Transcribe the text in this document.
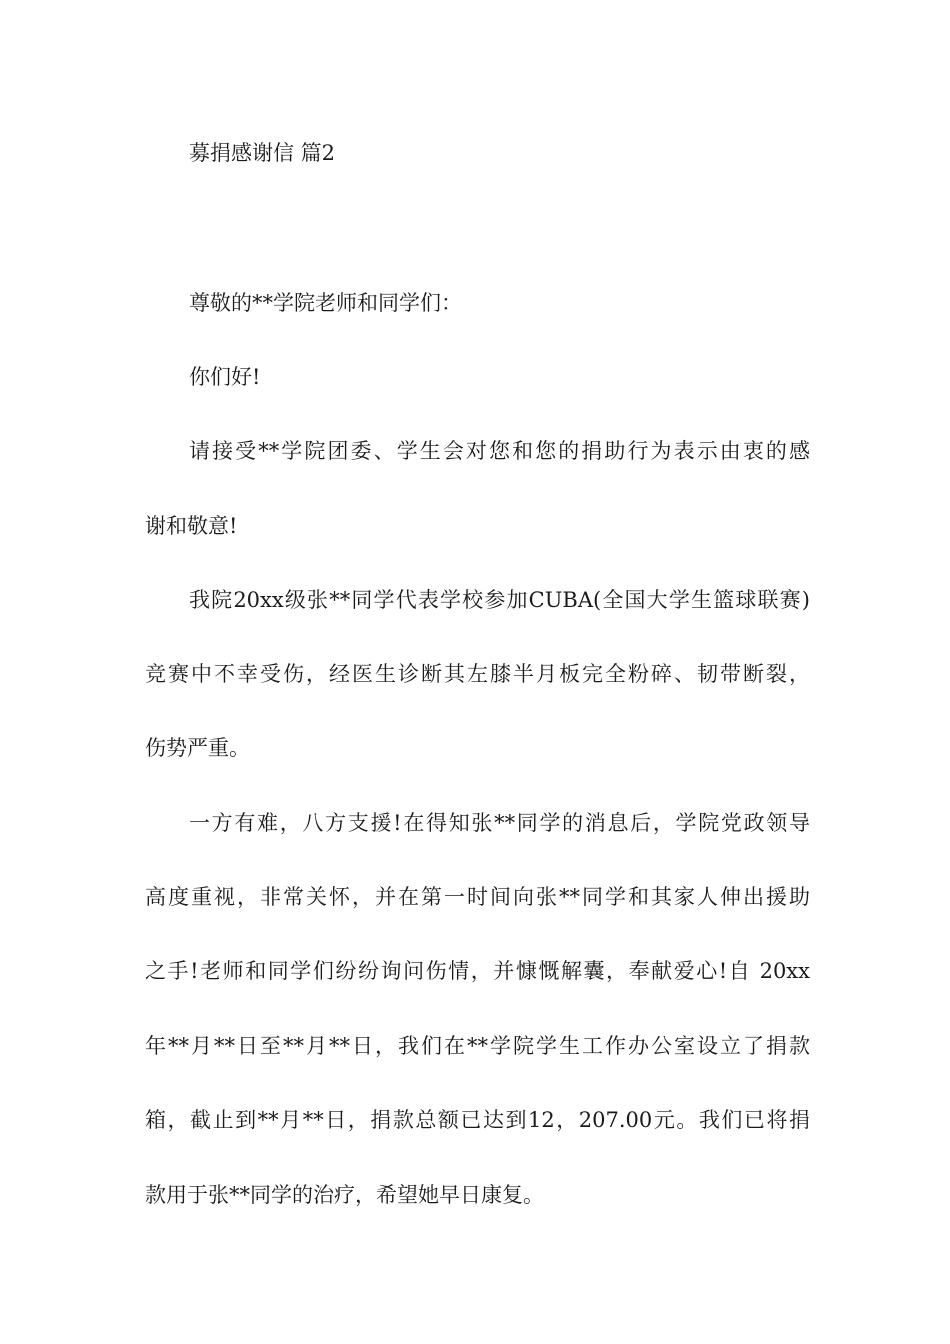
募捐感谢信 篇2
尊敬的**学院老师和同学们：
你们好!
请接受**学院团委、学生会对您和您的捐助行为表示由衷的感
谢和敬意!
我院20xx级张**同学代表学校参加CUBA(全国大学生篮球联赛)
竞赛中不幸受伤，经医生诊断其左膝半月板完全粉碎、韧带断裂，
伤势严重。
一方有难，八方支援!在得知张**同学的消息后，学院党政领导
高度重视，非常关怀，并在第一时间向张**同学和其家人伸出援助
之手!老师和同学们纷纷询问伤情，并慷慨解囊，奉献爱心!自 20xx
年**月**日至**月**日，我们在**学院学生工作办公室设立了捐款
箱，截止到**月**日，捐款总额已达到12，207.00元。我们已将捐
款用于张**同学的治疗，希望她早日康复。
